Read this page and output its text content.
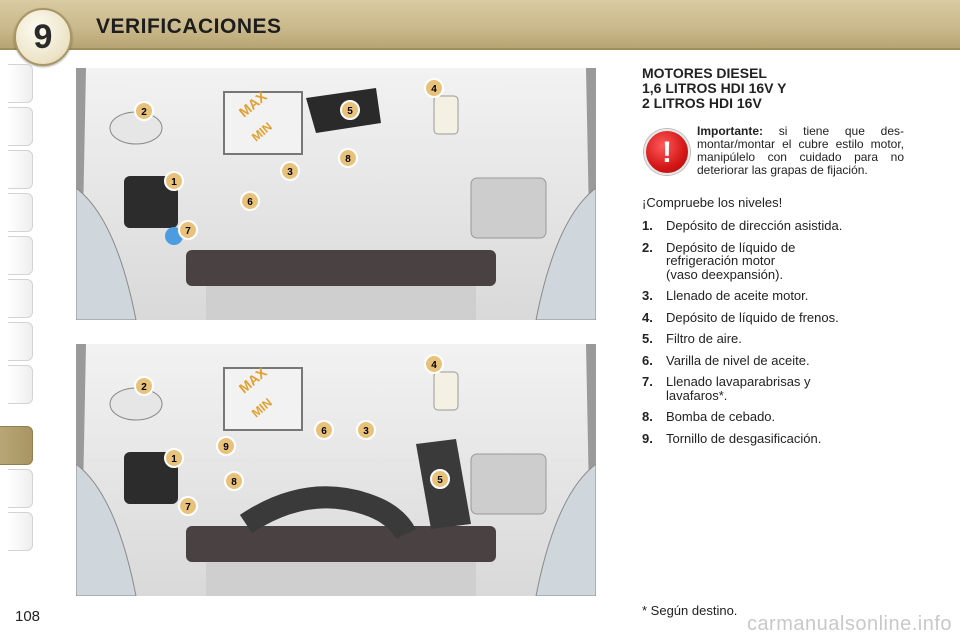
9	VERIFICACIONES
MAX
MIN
1
2
3
4
5
6
7
8
MAX
MIN
1
2
3
4
5
6
7
8
9
MOTORES DIESEL
1,6 LITROS HDI 16V Y
2 LITROS HDI 16V
!
Importante: si tiene que des-montar/montar el cubre estilo motor, manipúlelo con cuidado para no deteriorar las grapas de fijación.
¡Compruebe los niveles!
1.	Depósito de dirección asistida.
2.	Depósito de líquido de
refrigeración motor
(vaso deexpansión).
3.	Llenado de aceite motor.
4.	Depósito de líquido de frenos.
5.	Filtro de aire.
6.	Varilla de nivel de aceite.
7.	Llenado lavaparabrisas y
lavafaros*.
8.	Bomba de cebado.
9.	Tornillo de desgasificación.
* Según destino.
108	carmanualsonline.info
